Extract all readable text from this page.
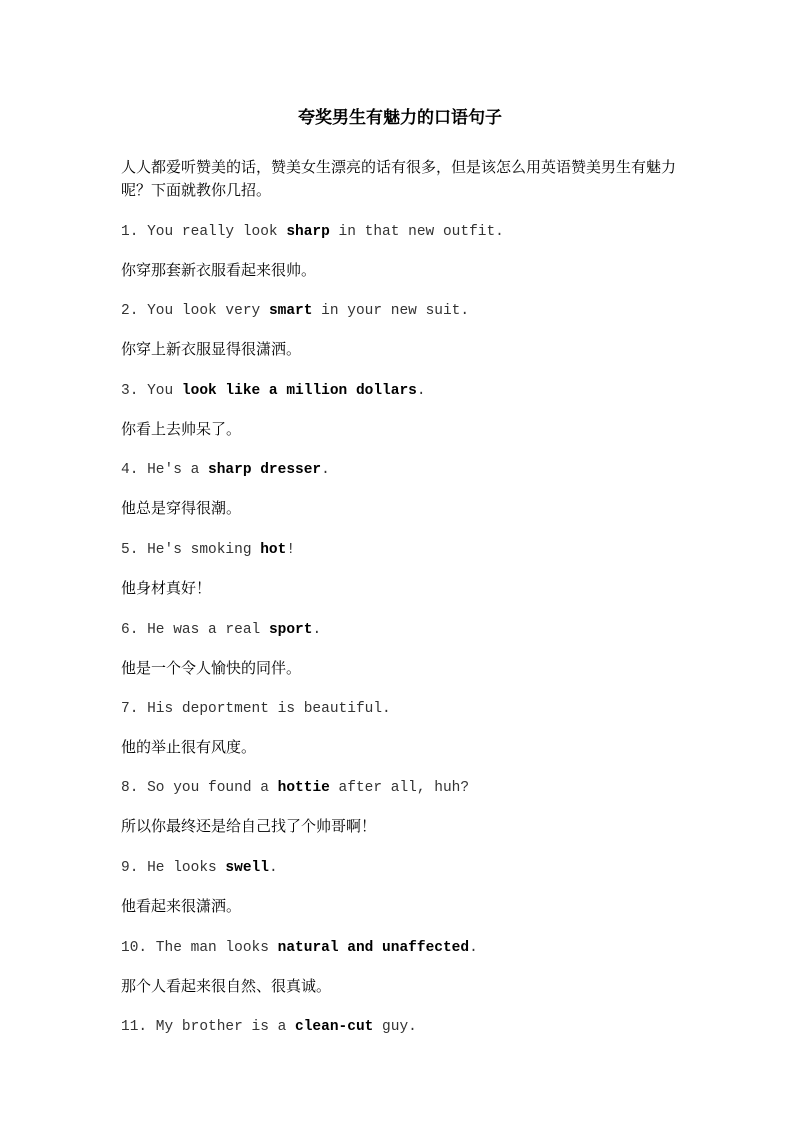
夸奖男生有魅力的口语句子

人人都爱听赞美的话，赞美女生漂亮的话有很多，但是该怎么用英语赞美男生有魅力呢？下面就教你几招。

1. You really look sharp in that new outfit.
你穿那套新衣服看起来很帅。
2. You look very smart in your new suit.
你穿上新衣服显得很潇洒。
3. You look like a million dollars.
你看上去帅呆了。
4. He's a sharp dresser.
他总是穿得很潮。
5. He's smoking hot!
他身材真好！
6. He was a real sport.
他是一个令人愉快的同伴。
7. His deportment is beautiful.
他的举止很有风度。
8. So you found a hottie after all, huh?
所以你最终还是给自己找了个帅哥啊！
9. He looks swell.
他看起来很潇洒。
10. The man looks natural and unaffected.
那个人看起来很自然、很真诚。
11. My brother is a clean-cut guy.
